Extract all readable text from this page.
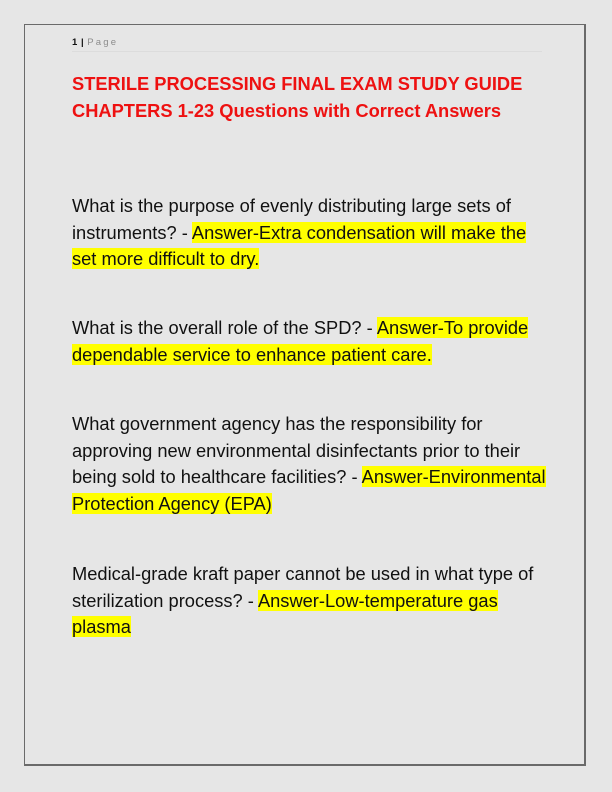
1 | Page
STERILE PROCESSING FINAL EXAM STUDY GUIDE CHAPTERS 1-23 Questions with Correct Answers

What is the purpose of evenly distributing large sets of instruments? - Answer-Extra condensation will make the set more difficult to dry.

What is the overall role of the SPD? - Answer-To provide dependable service to enhance patient care.

What government agency has the responsibility for approving new environmental disinfectants prior to their being sold to healthcare facilities? - Answer-Environmental Protection Agency (EPA)

Medical-grade kraft paper cannot be used in what type of sterilization process? - Answer-Low-temperature gas plasma
